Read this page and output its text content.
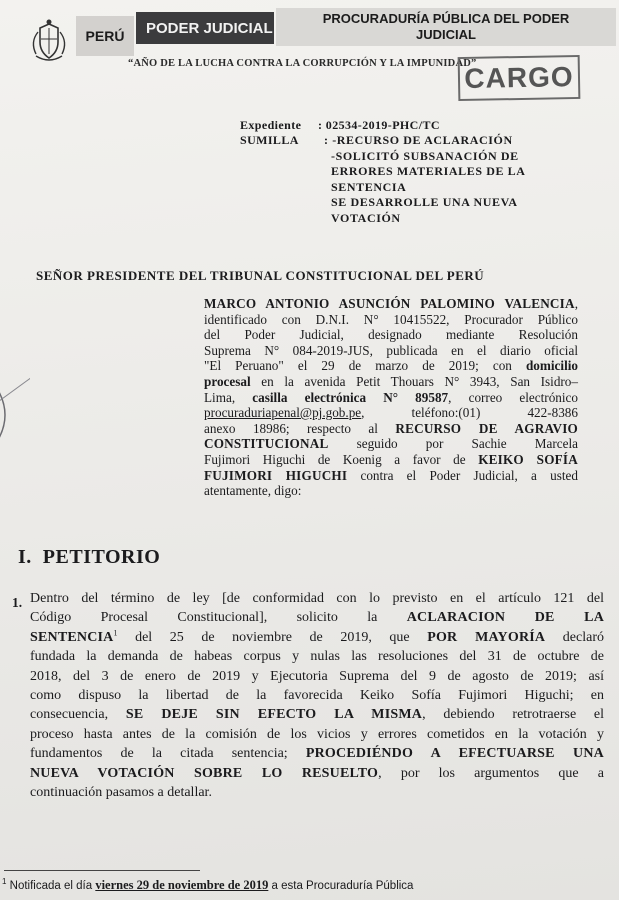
PERÚ	PODER JUDICIAL
PROCURADURÍA PÚBLICA DEL PODER
JUDICIAL
“AÑO DE LA LUCHA CONTRA LA CORRUPCIÓN Y LA IMPUNIDAD”
CARGO
Expediente : 02534-2019-PHC/TC
SUMILLA : -RECURSO DE ACLARACIÓN
-SOLICITÓ SUBSANACIÓN DE
ERRORES MATERIALES DE LA
SENTENCIA
SE DESARROLLE UNA NUEVA
VOTACIÓN
SEÑOR PRESIDENTE DEL TRIBUNAL CONSTITUCIONAL DEL PERÚ
MARCO ANTONIO ASUNCIÓN PALOMINO VALENCIA,
identificado con D.N.I. N° 10415522, Procurador Público
del Poder Judicial, designado mediante Resolución
Suprema N° 084-2019-JUS, publicada en el diario oficial
"El Peruano" el 29 de marzo de 2019; con domicilio
procesal en la avenida Petit Thouars N° 3943, San Isidro–
Lima, casilla electrónica N° 89587, correo electrónico
procuraduriapenal@pj.gob.pe, teléfono:(01) 422-8386
anexo 18986; respecto al RECURSO DE AGRAVIO
CONSTITUCIONAL seguido por Sachie Marcela
Fujimori Higuchi de Koenig a favor de KEIKO SOFÍA
FUJIMORI HIGUCHI contra el Poder Judicial, a usted
atentamente, digo:
I. PETITORIO
1. Dentro del término de ley [de conformidad con lo previsto en el artículo 121 del
Código Procesal Constitucional], solicito la ACLARACION DE LA
SENTENCIA$^1$ del 25 de noviembre de 2019, que POR MAYORÍA declaró
fundada la demanda de habeas corpus y nulas las resoluciones del 31 de octubre de
2018, del 3 de enero de 2019 y Ejecutoria Suprema del 9 de agosto de 2019; así
como dispuso la libertad de la favorecida Keiko Sofía Fujimori Higuchi; en
consecuencia, SE DEJE SIN EFECTO LA MISMA, debiendo retrotraerse el
proceso hasta antes de la comisión de los vicios y errores cometidos en la votación y
fundamentos de la citada sentencia; PROCEDIÉNDO A EFECTUARSE UNA
NUEVA VOTACIÓN SOBRE LO RESUELTO, por los argumentos que a
continuación pasamos a detallar.
$^1$ Notificada el día viernes 29 de noviembre de 2019 a esta Procuraduría Pública
